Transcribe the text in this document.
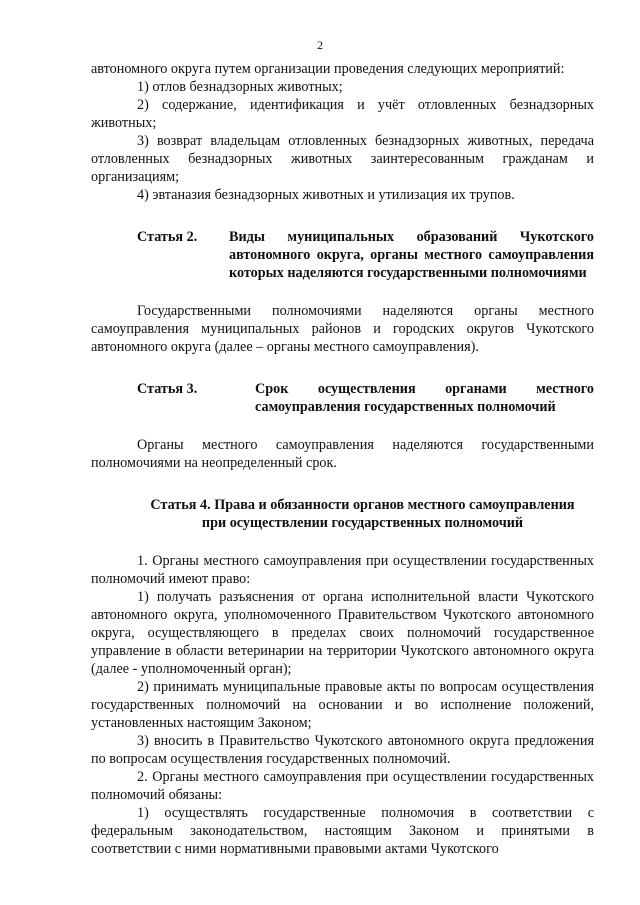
2

автономного округа путем организации проведения следующих мероприятий:

1) отлов безнадзорных животных;

2) содержание, идентификация и учёт отловленных безнадзорных животных;

3) возврат владельцам отловленных безнадзорных животных, передача отловленных безнадзорных животных заинтересованным гражданам и организациям;

4) эвтаназия безнадзорных животных и утилизация их трупов.

Статья 2.	Виды муниципальных образований Чукотского автономного округа, органы местного самоуправления которых наделяются государственными полномочиями

Государственными полномочиями наделяются органы местного самоуправления муниципальных районов и городских округов Чукотского автономного округа (далее – органы местного самоуправления).

Статья 3.	Срок осуществления органами местного самоуправления государственных полномочий

Органы местного самоуправления наделяются государственными полномочиями на неопределенный срок.

Статья 4. Права и обязанности органов местного самоуправления
при осуществлении государственных полномочий

1. Органы местного самоуправления при осуществлении государственных полномочий имеют право:

1) получать разъяснения от органа исполнительной власти Чукотского автономного округа, уполномоченного Правительством Чукотского автономного округа, осуществляющего в пределах своих полномочий государственное управление в области ветеринарии на территории Чукотского автономного округа (далее - уполномоченный орган);

2) принимать муниципальные правовые акты по вопросам осуществления государственных полномочий на основании и во исполнение положений, установленных настоящим Законом;

3) вносить в Правительство Чукотского автономного округа предложения по вопросам осуществления государственных полномочий.

2. Органы местного самоуправления при осуществлении государственных полномочий обязаны:

1) осуществлять государственные полномочия в соответствии с федеральным законодательством, настоящим Законом и принятыми в соответствии с ними нормативными правовыми актами Чукотского
